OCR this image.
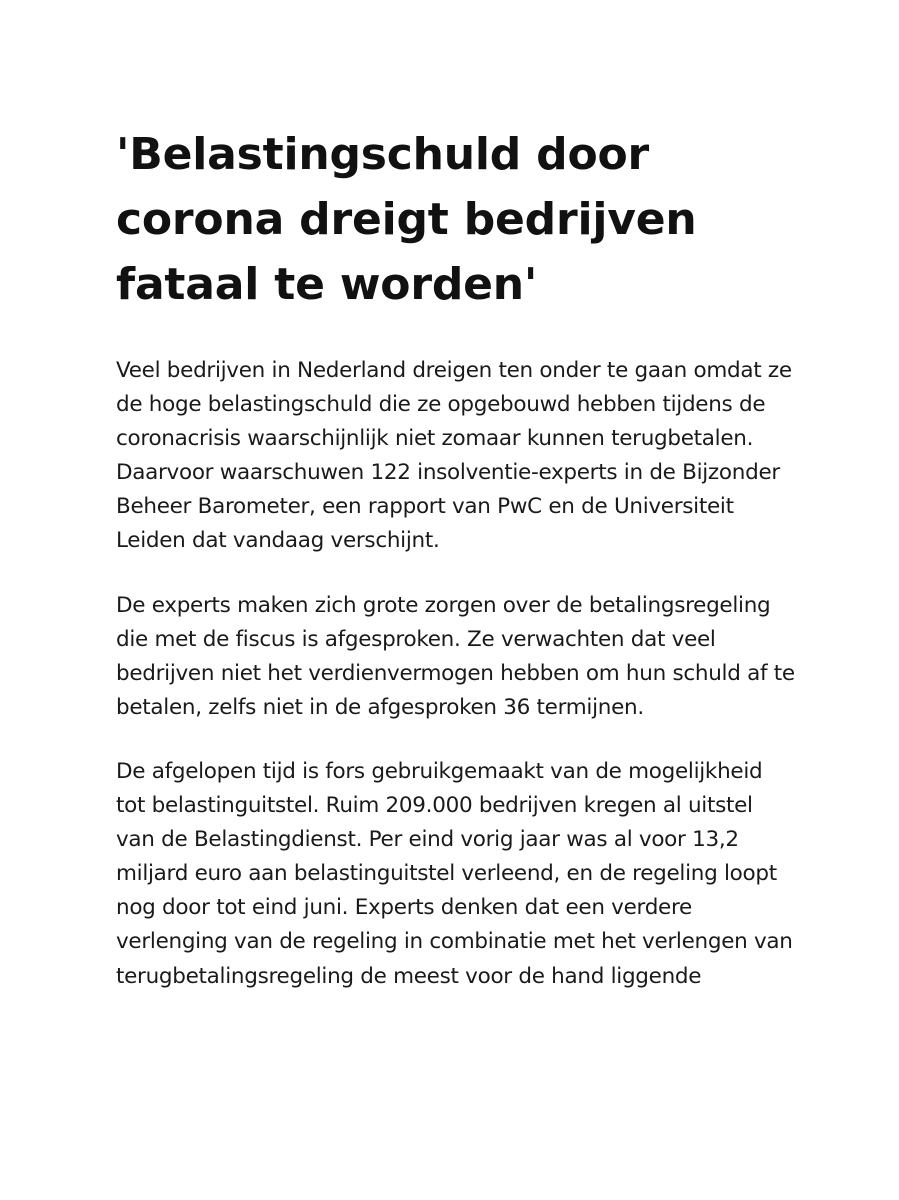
'Belastingschuld door corona dreigt bedrijven fataal te worden'

Veel bedrijven in Nederland dreigen ten onder te gaan omdat ze de hoge belastingschuld die ze opgebouwd hebben tijdens de coronacrisis waarschijnlijk niet zomaar kunnen terugbetalen. Daarvoor waarschuwen 122 insolventie-experts in de Bijzonder Beheer Barometer, een rapport van PwC en de Universiteit Leiden dat vandaag verschijnt.

De experts maken zich grote zorgen over de betalingsregeling die met de fiscus is afgesproken. Ze verwachten dat veel bedrijven niet het verdienvermogen hebben om hun schuld af te betalen, zelfs niet in de afgesproken 36 termijnen.

De afgelopen tijd is fors gebruikgemaakt van de mogelijkheid tot belastinguitstel. Ruim 209.000 bedrijven kregen al uitstel van de Belastingdienst. Per eind vorig jaar was al voor 13,2 miljard euro aan belastinguitstel verleend, en de regeling loopt nog door tot eind juni. Experts denken dat een verdere verlenging van de regeling in combinatie met het verlengen van terugbetalingsregeling de meest voor de hand liggende
